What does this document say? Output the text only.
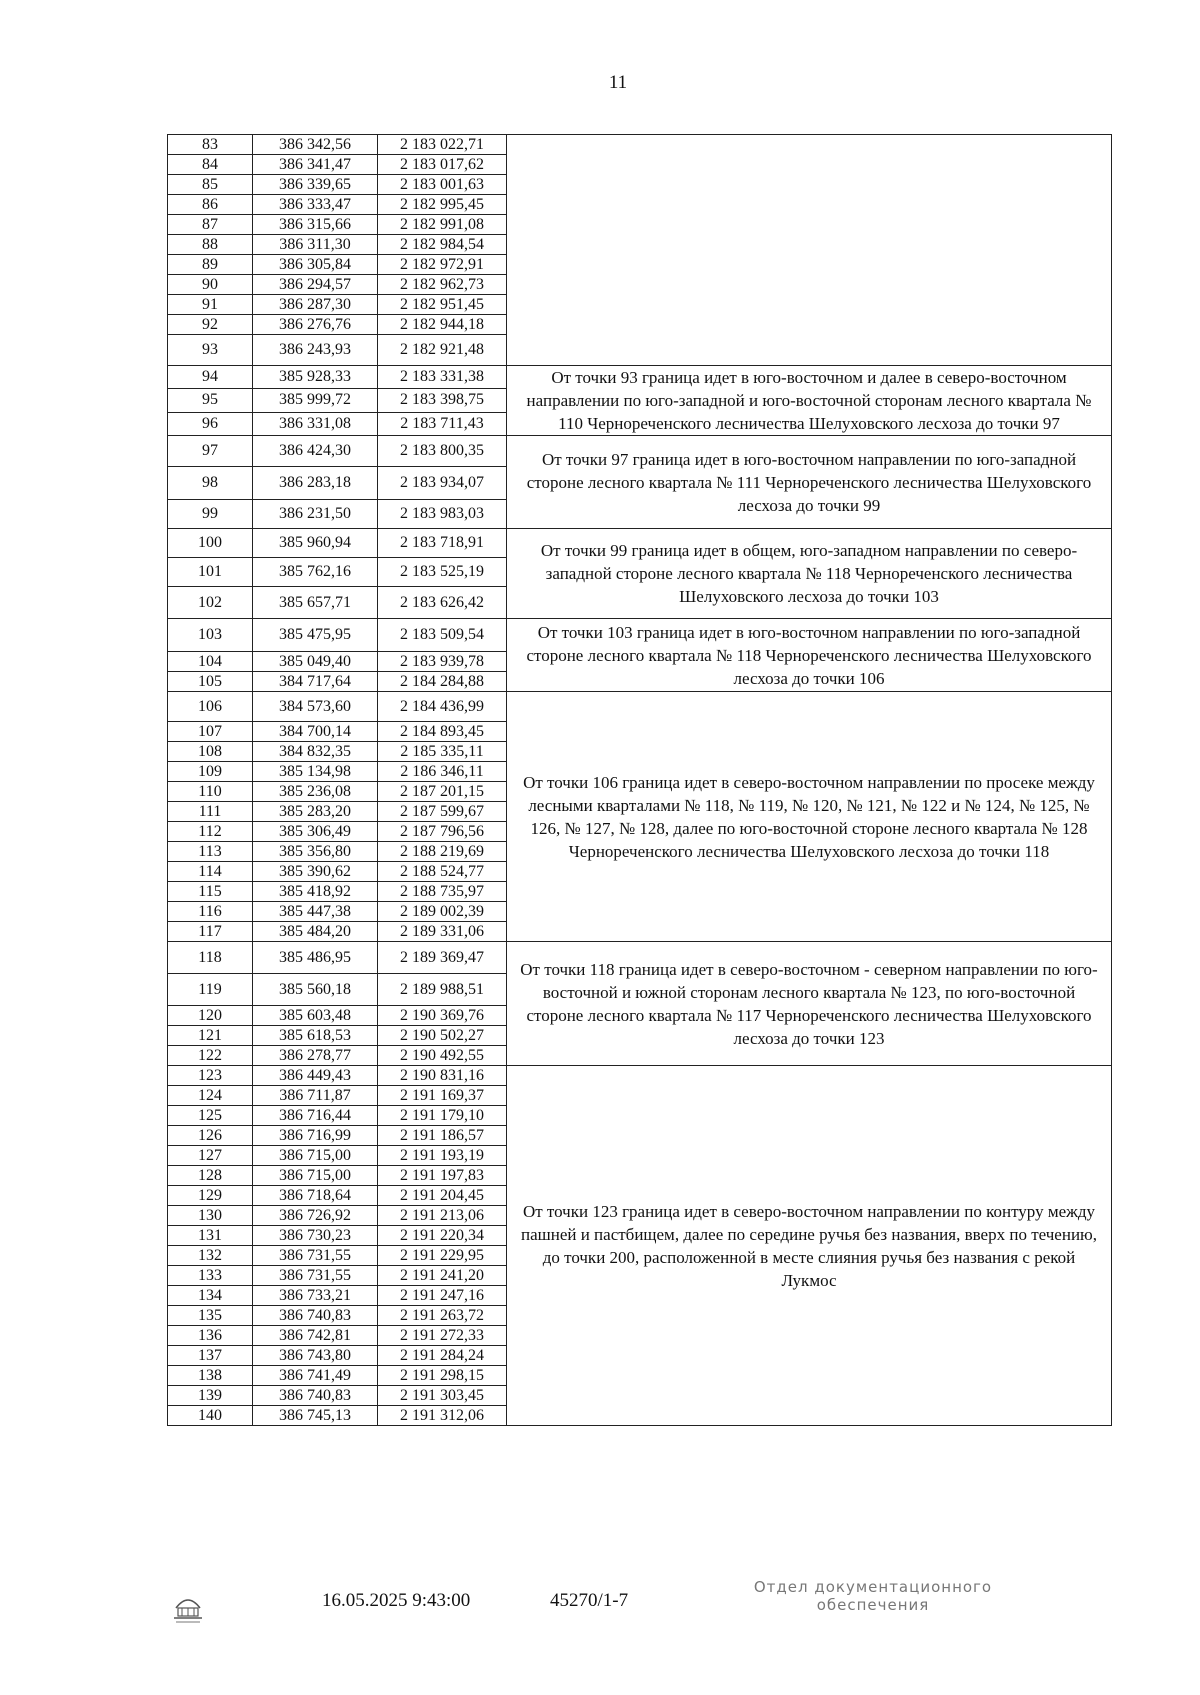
11
83	386 342,56	2 183 022,71	
84	386 341,47	2 183 017,62	
85	386 339,65	2 183 001,63	
86	386 333,47	2 182 995,45	
87	386 315,66	2 182 991,08	
88	386 311,30	2 182 984,54	
89	386 305,84	2 182 972,91	
90	386 294,57	2 182 962,73	
91	386 287,30	2 182 951,45	
92	386 276,76	2 182 944,18	
93	386 243,93	2 182 921,48	
94	385 928,33	2 183 331,38	От точки 93 граница идет в юго-восточном и далее в северо-восточном направлении по юго-западной и юго-восточной сторонам лесного квартала № 110 Чернореченского лесничества Шелуховского лесхоза до точки 97
95	385 999,72	2 183 398,75	
96	386 331,08	2 183 711,43	
97	386 424,30	2 183 800,35	От точки 97 граница идет в юго-восточном направлении по юго-западной стороне лесного квартала № 111 Чернореченского лесничества Шелуховского лесхоза до точки 99
98	386 283,18	2 183 934,07	
99	386 231,50	2 183 983,03	
100	385 960,94	2 183 718,91	От точки 99 граница идет в общем, юго-западном направлении по северо-западной стороне лесного квартала № 118 Чернореченского лесничества Шелуховского лесхоза до точки 103
101	385 762,16	2 183 525,19	
102	385 657,71	2 183 626,42	
103	385 475,95	2 183 509,54	От точки 103 граница идет в юго-восточном направлении по юго-западной стороне лесного квартала № 118 Чернореченского лесничества Шелуховского лесхоза до точки 106
104	385 049,40	2 183 939,78	
105	384 717,64	2 184 284,88	
106	384 573,60	2 184 436,99	От точки 106 граница идет в северо-восточном направлении по просеке между лесными кварталами № 118, № 119, № 120, № 121, № 122 и № 124, № 125, № 126, № 127, № 128, далее по юго-восточной стороне лесного квартала № 128 Чернореченского лесничества Шелуховского лесхоза до точки 118
107	384 700,14	2 184 893,45	
108	384 832,35	2 185 335,11	
109	385 134,98	2 186 346,11	
110	385 236,08	2 187 201,15	
111	385 283,20	2 187 599,67	
112	385 306,49	2 187 796,56	
113	385 356,80	2 188 219,69	
114	385 390,62	2 188 524,77	
115	385 418,92	2 188 735,97	
116	385 447,38	2 189 002,39	
117	385 484,20	2 189 331,06	
118	385 486,95	2 189 369,47	От точки 118 граница идет в северо-восточном - северном направлении по юго-восточной и южной сторонам лесного квартала № 123, по юго-восточной стороне лесного квартала № 117 Чернореченского лесничества Шелуховского лесхоза до точки 123
119	385 560,18	2 189 988,51	
120	385 603,48	2 190 369,76	
121	385 618,53	2 190 502,27	
122	386 278,77	2 190 492,55	
123	386 449,43	2 190 831,16	От точки 123 граница идет в северо-восточном направлении по контуру между пашней и пастбищем, далее по середине ручья без названия, вверх по течению, до точки 200, расположенной в месте слияния ручья без названия с рекой Лукмос
124	386 711,87	2 191 169,37	
125	386 716,44	2 191 179,10	
126	386 716,99	2 191 186,57	
127	386 715,00	2 191 193,19	
128	386 715,00	2 191 197,83	
129	386 718,64	2 191 204,45	
130	386 726,92	2 191 213,06	
131	386 730,23	2 191 220,34	
132	386 731,55	2 191 229,95	
133	386 731,55	2 191 241,20	
134	386 733,21	2 191 247,16	
135	386 740,83	2 191 263,72	
136	386 742,81	2 191 272,33	
137	386 743,80	2 191 284,24	
138	386 741,49	2 191 298,15	
139	386 740,83	2 191 303,45	
140	386 745,13	2 191 312,06	
16.05.2025 9:43:00	45270/1-7
Отдел документационного
обеспечения
